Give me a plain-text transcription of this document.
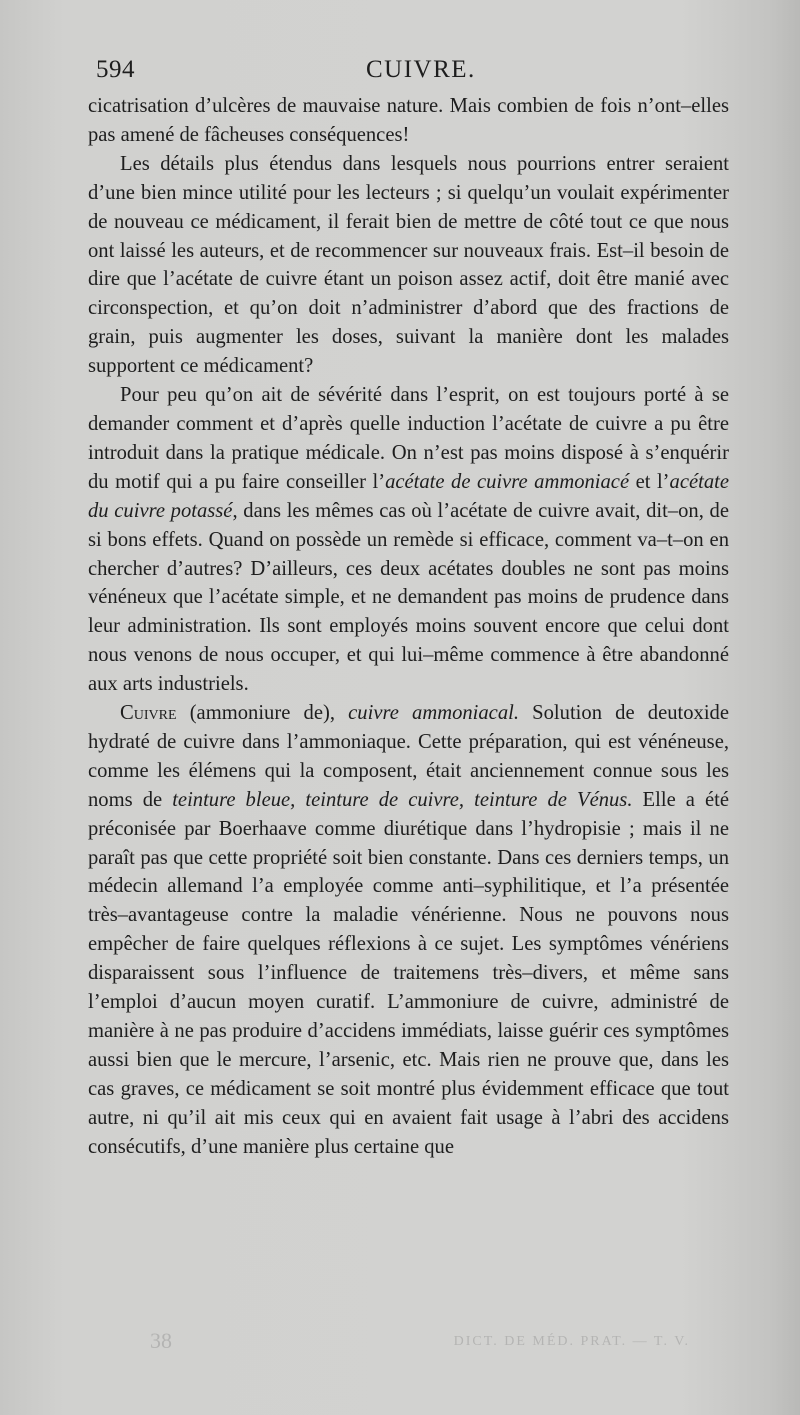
594	CUIVRE.

cicatrisation d’ulcères de mauvaise nature. Mais combien de fois n’ont–elles pas amené de fâcheuses conséquences!

Les détails plus étendus dans lesquels nous pourrions entrer seraient d’une bien mince utilité pour les lecteurs ; si quelqu’un voulait expérimenter de nouveau ce médicament, il ferait bien de mettre de côté tout ce que nous ont laissé les auteurs, et de recommencer sur nouveaux frais. Est–il besoin de dire que l’acétate de cuivre étant un poison assez actif, doit être manié avec circonspection, et qu’on doit n’administrer d’abord que des fractions de grain, puis augmenter les doses, suivant la manière dont les malades supportent ce médicament?

Pour peu qu’on ait de sévérité dans l’esprit, on est toujours porté à se demander comment et d’après quelle induction l’acétate de cuivre a pu être introduit dans la pratique médicale. On n’est pas moins disposé à s’enquérir du motif qui a pu faire conseiller l’acétate de cuivre ammoniacé et l’acétate du cuivre potassé, dans les mêmes cas où l’acétate de cuivre avait, dit–on, de si bons effets. Quand on possède un remède si efficace, comment va–t–on en chercher d’autres? D’ailleurs, ces deux acétates doubles ne sont pas moins vénéneux que l’acétate simple, et ne demandent pas moins de prudence dans leur administration. Ils sont employés moins souvent encore que celui dont nous venons de nous occuper, et qui lui–même commence à être abandonné aux arts industriels.

Cuivre (ammoniure de), cuivre ammoniacal. Solution de deutoxide hydraté de cuivre dans l’ammoniaque. Cette préparation, qui est vénéneuse, comme les élémens qui la composent, était anciennement connue sous les noms de teinture bleue, teinture de cuivre, teinture de Vénus. Elle a été préconisée par Boerhaave comme diurétique dans l’hydropisie ; mais il ne paraît pas que cette propriété soit bien constante. Dans ces derniers temps, un médecin allemand l’a employée comme anti–syphilitique, et l’a présentée très–avantageuse contre la maladie vénérienne. Nous ne pouvons nous empêcher de faire quelques réflexions à ce sujet. Les symptômes vénériens disparaissent sous l’influence de traitemens très–divers, et même sans l’emploi d’aucun moyen curatif. L’ammoniure de cuivre, administré de manière à ne pas produire d’accidens immédiats, laisse guérir ces symptômes aussi bien que le mercure, l’arsenic, etc. Mais rien ne prouve que, dans les cas graves, ce médicament se soit montré plus évidemment efficace que tout autre, ni qu’il ait mis ceux qui en avaient fait usage à l’abri des accidens consécutifs, d’une manière plus certaine que

38	DICT. DE MÉD. PRAT. — T. V.
